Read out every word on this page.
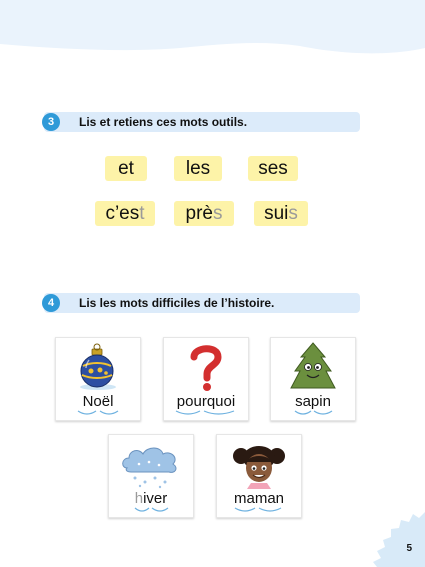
3	Lis et retiens ces mots outils.
et	les	ses
c’es t prè s sui s
4	Lis les mots difficiles de l’histoire.
Noël	pourquoi	sapin
hiver	maman
5
